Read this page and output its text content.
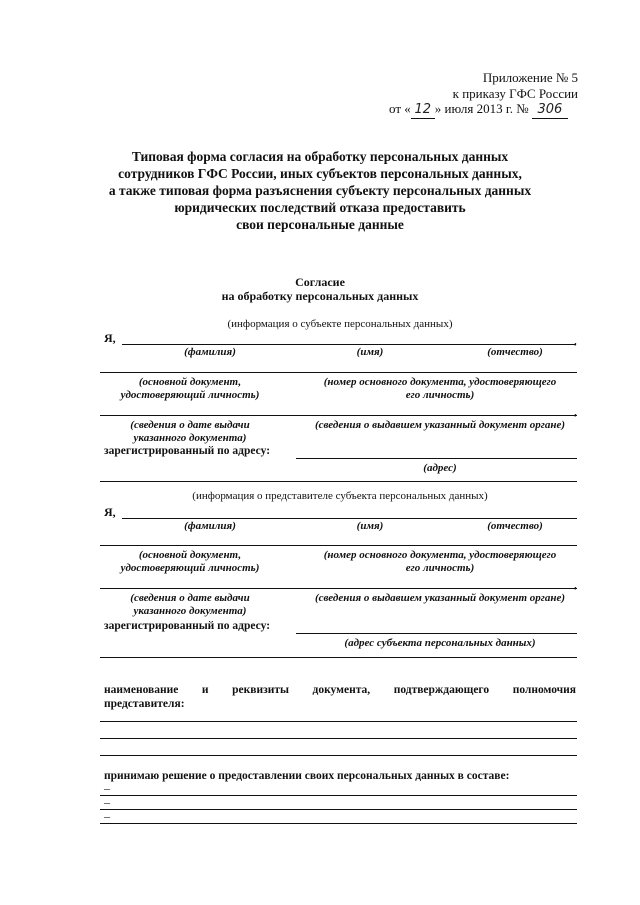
Приложение № 5
к приказу ГФС России
от « 12 » июля 2013 г. № 306
Типовая форма согласия на обработку персональных данных
сотрудников ГФС России, иных субъектов персональных данных,
а также типовая форма разъяснения субъекту персональных данных
юридических последствий отказа предоставить
свои персональные данные
Согласие
на обработку персональных данных
(информация о субъекте персональных данных)
Я,	,
(фамилия)	(имя)	(отчество)
(основной документ,
удостоверяющий личность)
(номер основного документа, удостоверяющего
его личность)
,
(сведения о дате выдачи
указанного документа)
(сведения о выдавшем указанный документ органе)
зарегистрированный по адресу:
(адрес)
(информация о представителе субъекта персональных данных)
Я,
(фамилия)	(имя)	(отчество)
(основной документ,
удостоверяющий личность)
(номер основного документа, удостоверяющего
его личность)
,
(сведения о дате выдачи
указанного документа)
(сведения о выдавшем указанный документ органе)
зарегистрированный по адресу:
(адрес субъекта персональных данных)
наименование и реквизиты документа, подтверждающего полномочия
представителя:
принимаю решение о предоставлении своих персональных данных в составе:
–
–
–
